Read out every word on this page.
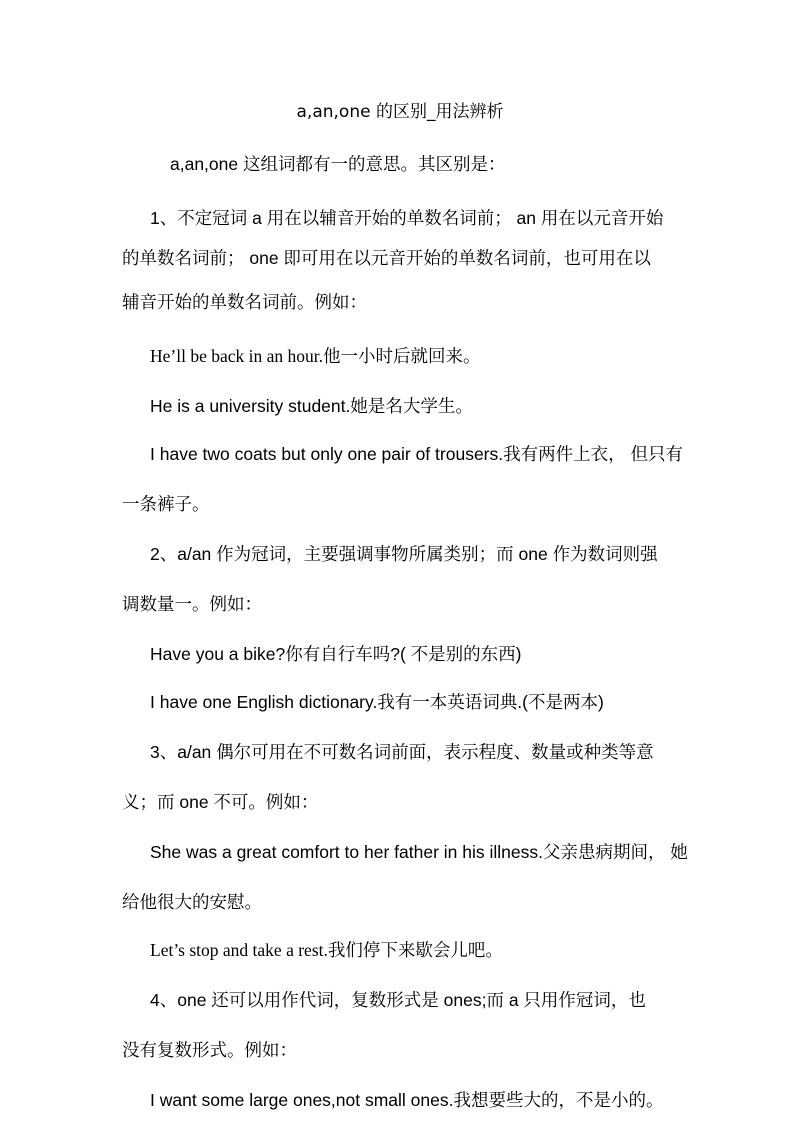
a,an,one 的区别_用法辨析

a,an,one 这组词都有一的意思。其区别是：

1、不定冠词 a 用在以辅音开始的单数名词前； an 用在以元音开始

的单数名词前； one 即可用在以元音开始的单数名词前，也可用在以

辅音开始的单数名词前。例如：

He’ll be back in an hour.他一小时后就回来。

He is a university student.她是名大学生。

I have two coats but only one pair of trousers.我有两件上衣， 但只有

一条裤子。

2、a/an 作为冠词，主要强调事物所属类别；而 one 作为数词则强

调数量一。例如：

Have you a bike?你有自行车吗?( 不是别的东西)

I have one English dictionary.我有一本英语词典.(不是两本)

3、a/an 偶尔可用在不可数名词前面，表示程度、数量或种类等意

义；而 one 不可。例如：

She was a great comfort to her father in his illness.父亲患病期间， 她

给他很大的安慰。

Let’s stop and take a rest.我们停下来歇会儿吧。

4、one 还可以用作代词，复数形式是 ones;而 a 只用作冠词，也

没有复数形式。例如：

I want some large ones,not small ones.我想要些大的，不是小的。
